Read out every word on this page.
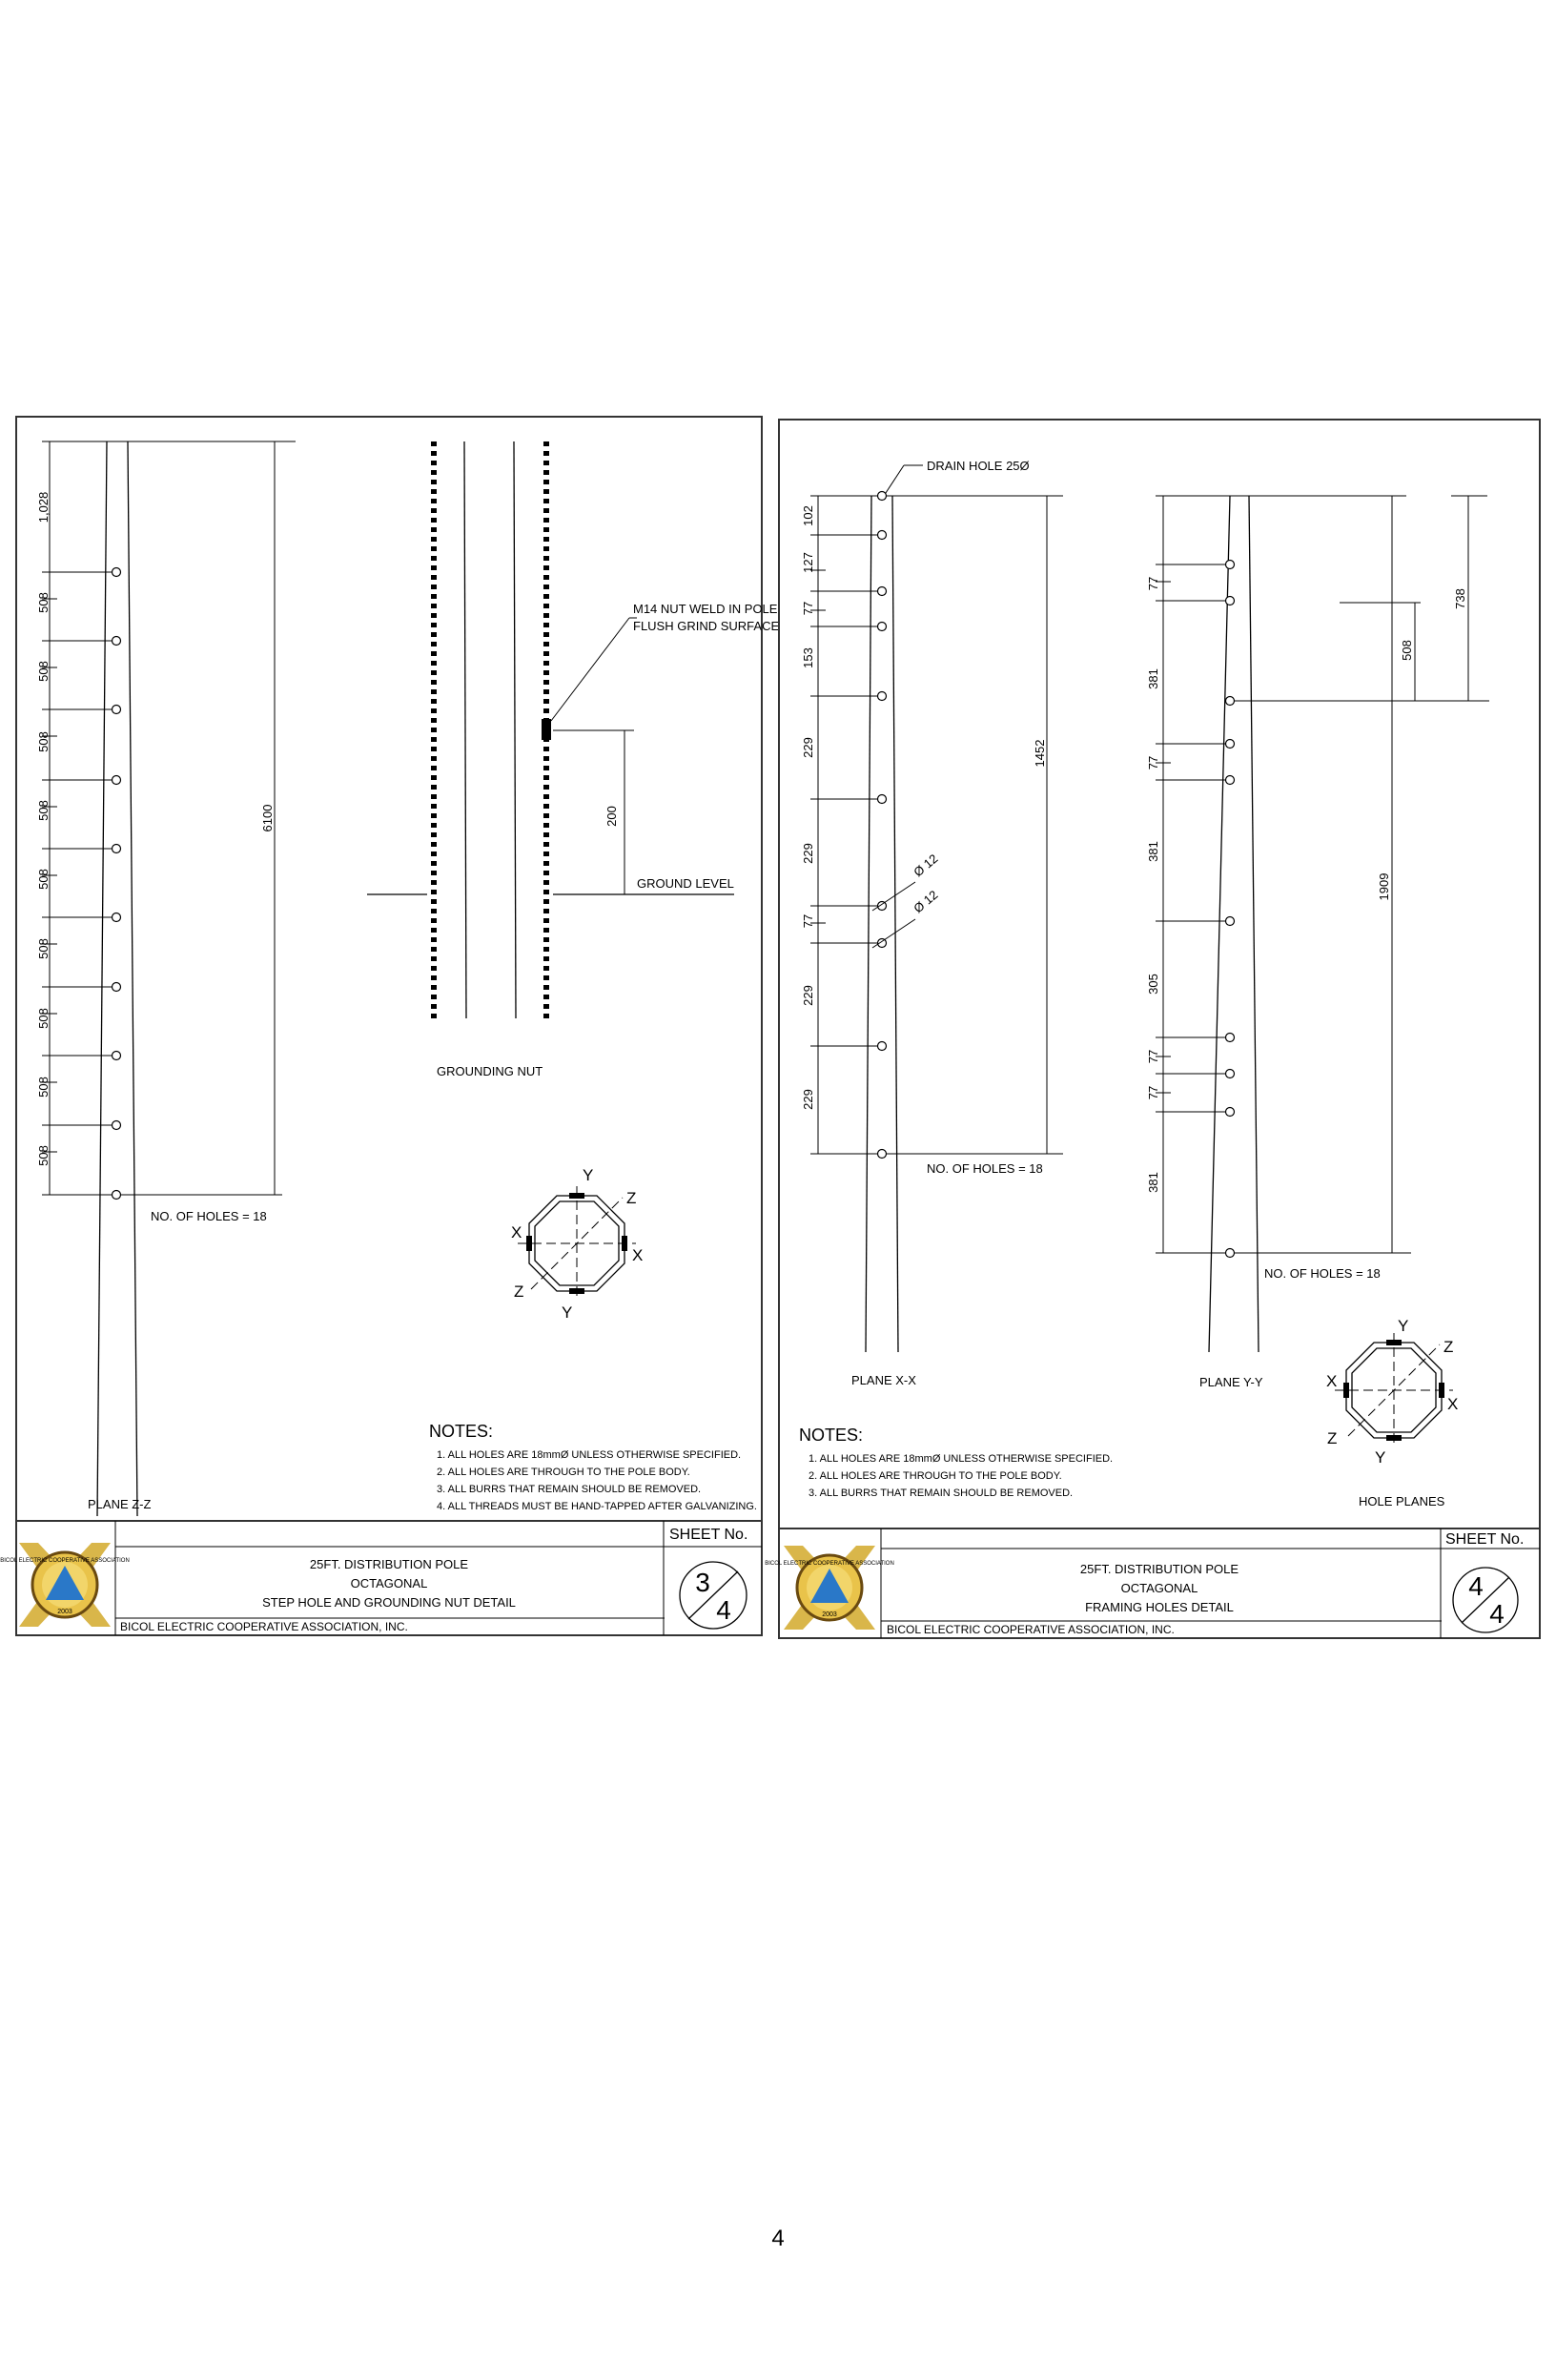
1,028
508
508
508
508
508
508
508
508
508
6100
NO. OF HOLES = 18
PLANE Z-Z
200
M14 NUT WELD IN POLE
FLUSH GRIND SURFACE
GROUND LEVEL
GROUNDING NUT
Y
Z
X
X
Z
Y
NOTES:
1. ALL HOLES ARE 18mmØ UNLESS OTHERWISE SPECIFIED.
2. ALL HOLES ARE THROUGH TO THE POLE BODY.
3. ALL BURRS THAT REMAIN SHOULD BE REMOVED.
4. ALL THREADS MUST BE HAND-TAPPED AFTER GALVANIZING.
SHEET No.
25FT. DISTRIBUTION POLE
OCTAGONAL
STEP HOLE AND GROUNDING NUT DETAIL
BICOL ELECTRIC COOPERATIVE ASSOCIATION, INC.
3
4
BICOL ELECTRIC COOPERATIVE ASSOCIATION
2003
DRAIN HOLE 25Ø
102
127
77
153
229
229
77
229
229
1452
Ø 12
Ø 12
NO. OF HOLES = 18
PLANE X-X
77
381
77
381
305
77
77
381
508
738
1909
NO. OF HOLES = 18
PLANE Y-Y
Y
Z
X
X
Z
Y
HOLE PLANES
NOTES:
1. ALL HOLES ARE 18mmØ UNLESS OTHERWISE SPECIFIED.
2. ALL HOLES ARE THROUGH TO THE POLE BODY.
3. ALL BURRS THAT REMAIN SHOULD BE REMOVED.
SHEET No.
25FT. DISTRIBUTION POLE
OCTAGONAL
FRAMING HOLES DETAIL
BICOL ELECTRIC COOPERATIVE ASSOCIATION, INC.
4
4
BICOL ELECTRIC COOPERATIVE ASSOCIATION
2003
4
